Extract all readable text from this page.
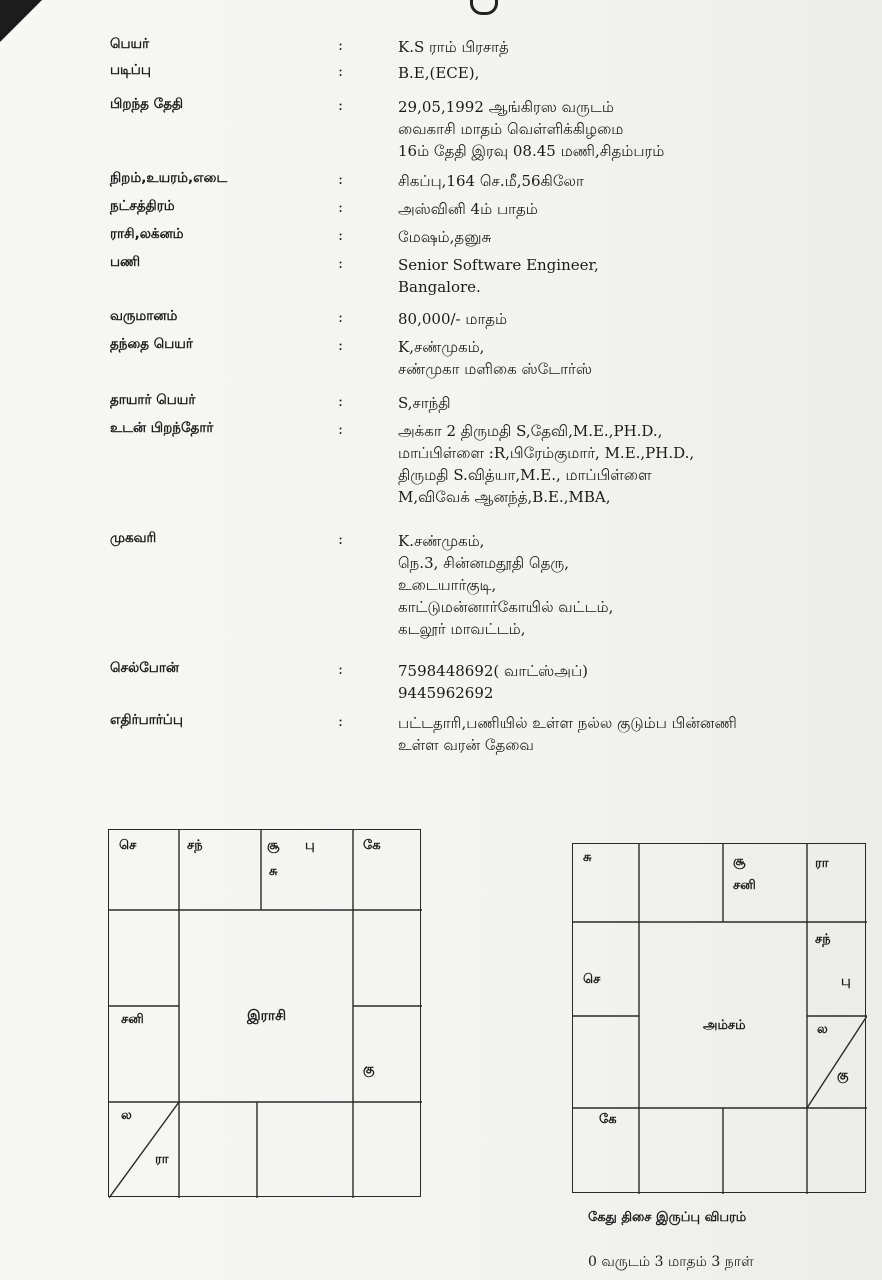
பெயர்	:	K.S ராம் பிரசாத்
படிப்பு	:	B.E,(ECE),
பிறந்த தேதி	:	29,05,1992 ஆங்கிரஸ வருடம்
வைகாசி மாதம் வெள்ளிக்கிழமை
16ம் தேதி இரவு 08.45 மணி,சிதம்பரம்
நிறம்,உயரம்,எடை	:	சிகப்பு,164 செ.மீ,56கிலோ
நட்சத்திரம்	:	அஸ்வினி 4ம் பாதம்
ராசி,லக்னம்	:	மேஷம்,தனுசு
பணி	:	Senior Software Engineer,
Bangalore.
வருமானம்	:	80,000/- மாதம்
தந்தை பெயர்	:	K,சண்முகம்,
சண்முகா மளிகை ஸ்டோர்ஸ்
தாயார் பெயர்	:	S,சாந்தி
உடன் பிறந்தோர்	:	அக்கா 2 திருமதி S,தேவி,M.E.,PH.D.,
மாப்பிள்ளை :R,பிரேம்குமார், M.E.,PH.D.,
திருமதி S.வித்யா,M.E., மாப்பிள்ளை
M,விவேக் ஆனந்த்,B.E.,MBA,
முகவரி	:	K.சண்முகம்,
நெ.3, சின்னமதூதி தெரு,
உடையார்குடி,
காட்டுமன்னார்கோயில் வட்டம்,
கடலூர் மாவட்டம்,
செல்போன்	:	7598448692( வாட்ஸ்அப்)
9445962692
எதிர்பார்ப்பு	:	பட்டதாரி,பணியில் உள்ள நல்ல குடும்ப பின்னணி
உள்ள வரன் தேவை
செ	சந்	சூ பு
சு
கே
சனி
கு
ல
ரா
இராசி
சு	சூ
சனி
ரா
சந்
பு
செ
ல
கு
கே
அம்சம்
கேது திசை இருப்பு விபரம்
0 வருடம் 3 மாதம் 3 நாள்
